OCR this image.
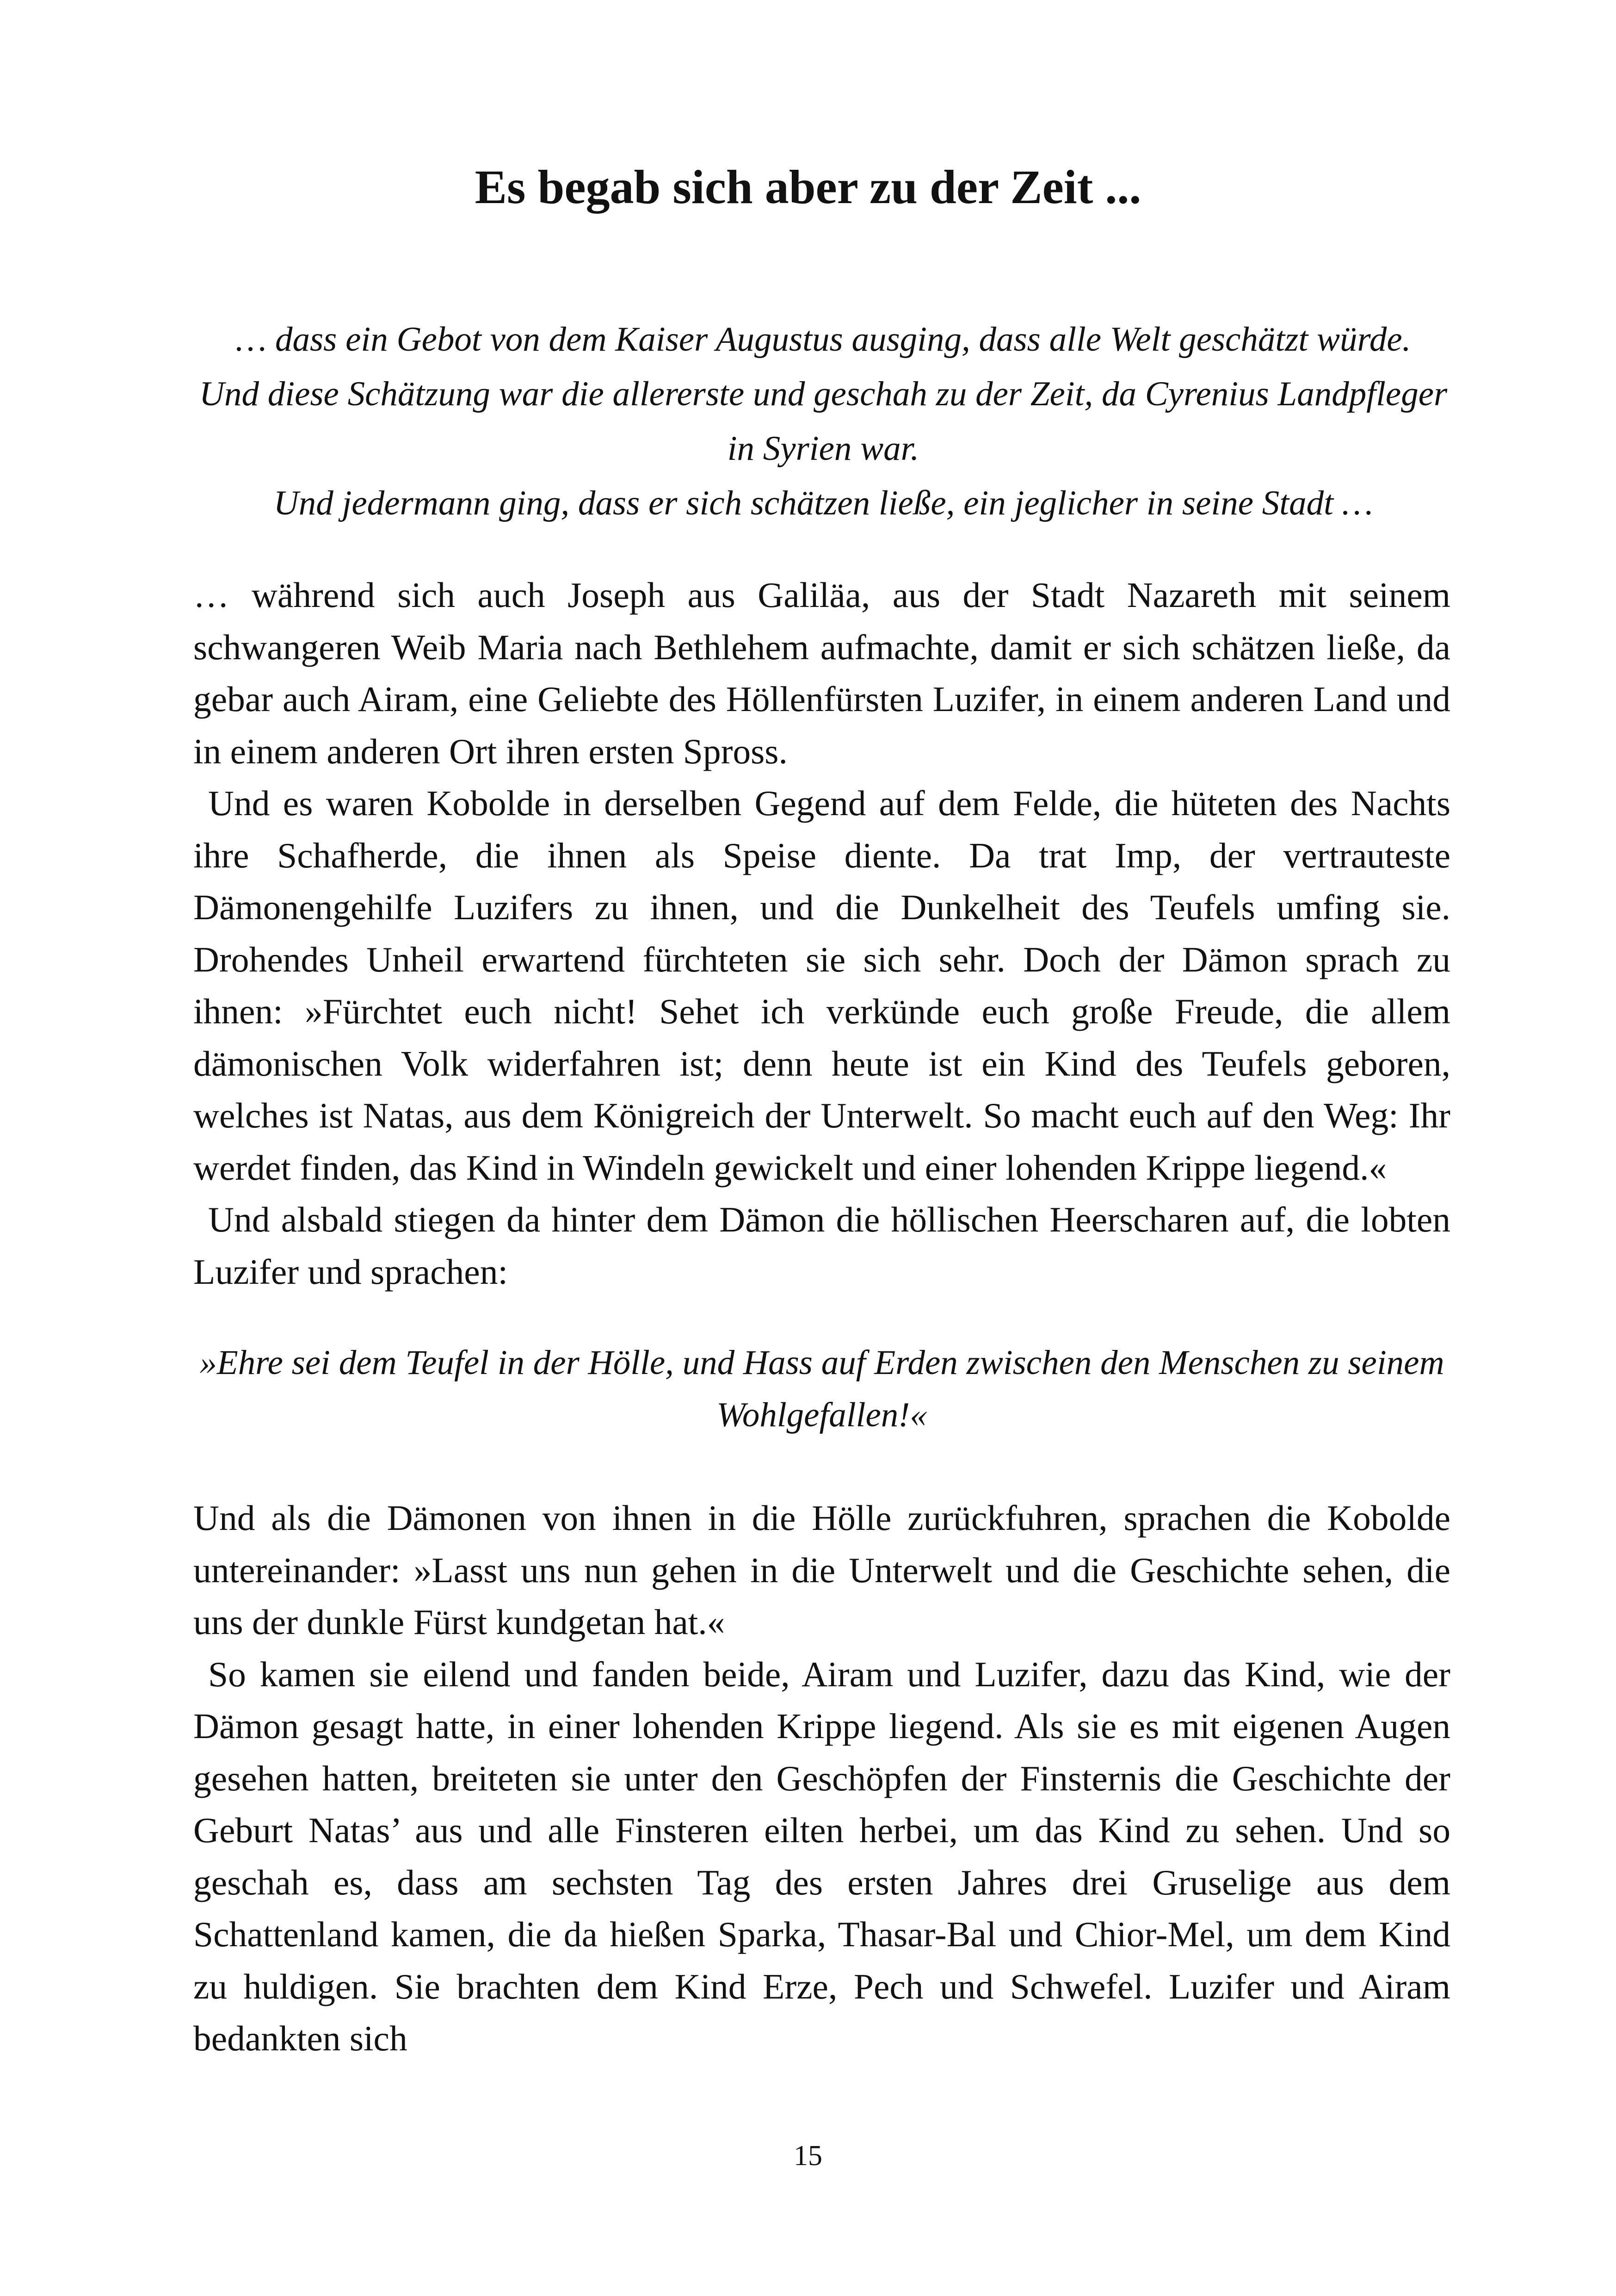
Es begab sich aber zu der Zeit ...
… dass ein Gebot von dem Kaiser Augustus ausging, dass alle Welt geschätzt würde.
Und diese Schätzung war die allererste und geschah zu der Zeit, da Cyrenius Landpfleger in Syrien war.
Und jedermann ging, dass er sich schätzen ließe, ein jeglicher in seine Stadt …

… während sich auch Joseph aus Galiläa, aus der Stadt Nazareth mit seinem schwangeren Weib Maria nach Bethlehem aufmachte, damit er sich schätzen ließe, da gebar auch Airam, eine Geliebte des Höllenfürsten Luzifer, in einem anderen Land und in einem anderen Ort ihren ersten Spross.

Und es waren Kobolde in derselben Gegend auf dem Felde, die hüteten des Nachts ihre Schafherde, die ihnen als Speise diente. Da trat Imp, der vertrauteste Dämonengehilfe Luzifers zu ihnen, und die Dunkelheit des Teufels umfing sie. Drohendes Unheil erwartend fürchteten sie sich sehr. Doch der Dämon sprach zu ihnen: »Fürchtet euch nicht! Sehet ich verkünde euch große Freude, die allem dämonischen Volk widerfahren ist; denn heute ist ein Kind des Teufels geboren, welches ist Natas, aus dem Königreich der Unterwelt. So macht euch auf den Weg: Ihr werdet finden, das Kind in Windeln gewickelt und einer lohenden Krippe liegend.«

Und alsbald stiegen da hinter dem Dämon die höllischen Heerscharen auf, die lobten Luzifer und sprachen:

»Ehre sei dem Teufel in der Hölle, und Hass auf Erden zwischen den Menschen zu seinem Wohlgefallen!«

Und als die Dämonen von ihnen in die Hölle zurückfuhren, sprachen die Kobolde untereinander: »Lasst uns nun gehen in die Unterwelt und die Geschichte sehen, die uns der dunkle Fürst kundgetan hat.«

So kamen sie eilend und fanden beide, Airam und Luzifer, dazu das Kind, wie der Dämon gesagt hatte, in einer lohenden Krippe liegend. Als sie es mit eigenen Augen gesehen hatten, breiteten sie unter den Geschöpfen der Finsternis die Geschichte der Geburt Natas’ aus und alle Finsteren eilten herbei, um das Kind zu sehen. Und so geschah es, dass am sechsten Tag des ersten Jahres drei Gruselige aus dem Schattenland kamen, die da hießen Sparka, Thasar-Bal und Chior-Mel, um dem Kind zu huldigen. Sie brachten dem Kind Erze, Pech und Schwefel. Luzifer und Airam bedankten sich

15
